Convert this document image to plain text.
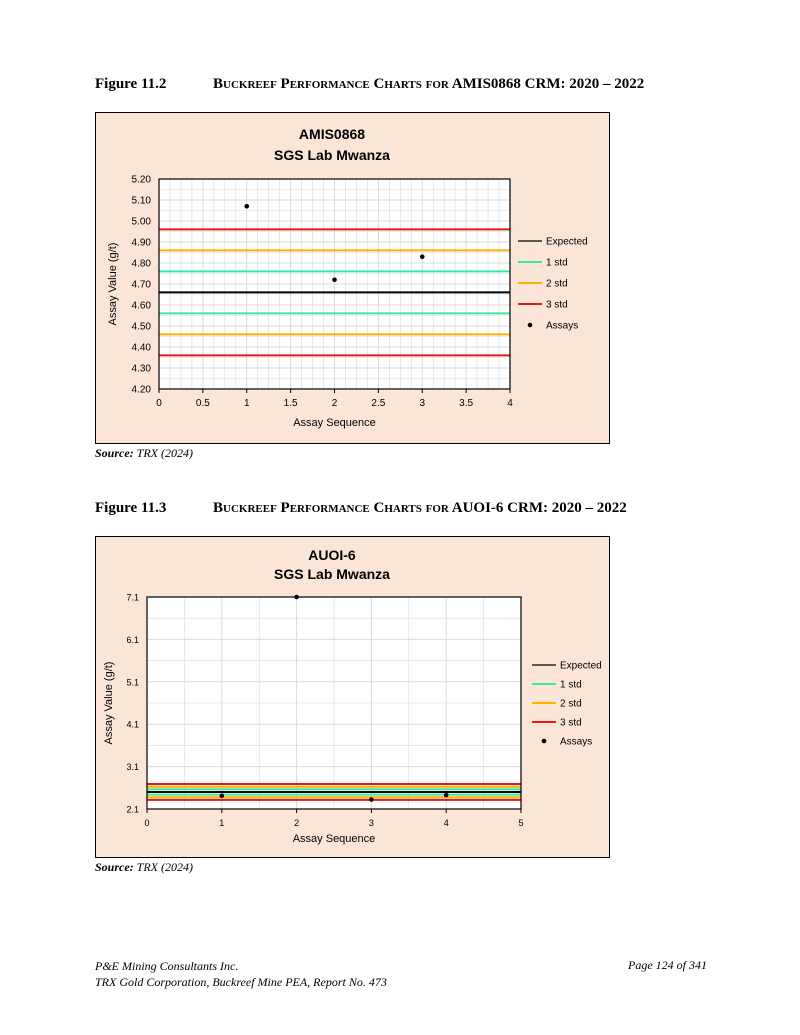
Figure 11.2	Buckreef Performance Charts for AMIS0868 CRM: 2020 – 2022
AMIS0868
SGS Lab Mwanza
0	0.5	1	1.5	2	2.5	3	3.5	4
4.20
4.30
4.40
4.50
4.60
4.70
4.80
4.90
5.00
5.10
5.20
Assay Sequence
Assay Value (g/t)
Expected
1 std
2 std
3 std
Assays
Source: TRX (2024)
Figure 11.3	Buckreef Performance Charts for AUOI-6 CRM: 2020 – 2022
AUOI-6
SGS Lab Mwanza
0	1	2	3	4	5
2.1
3.1
4.1
5.1
6.1
7.1
Assay Sequence
Assay Value (g/t)	Expected
1 std
2 std
3 std
Assays
Source: TRX (2024)
P&E Mining Consultants Inc.
TRX Gold Corporation, Buckreef Mine PEA, Report No. 473
Page 124 of 341
